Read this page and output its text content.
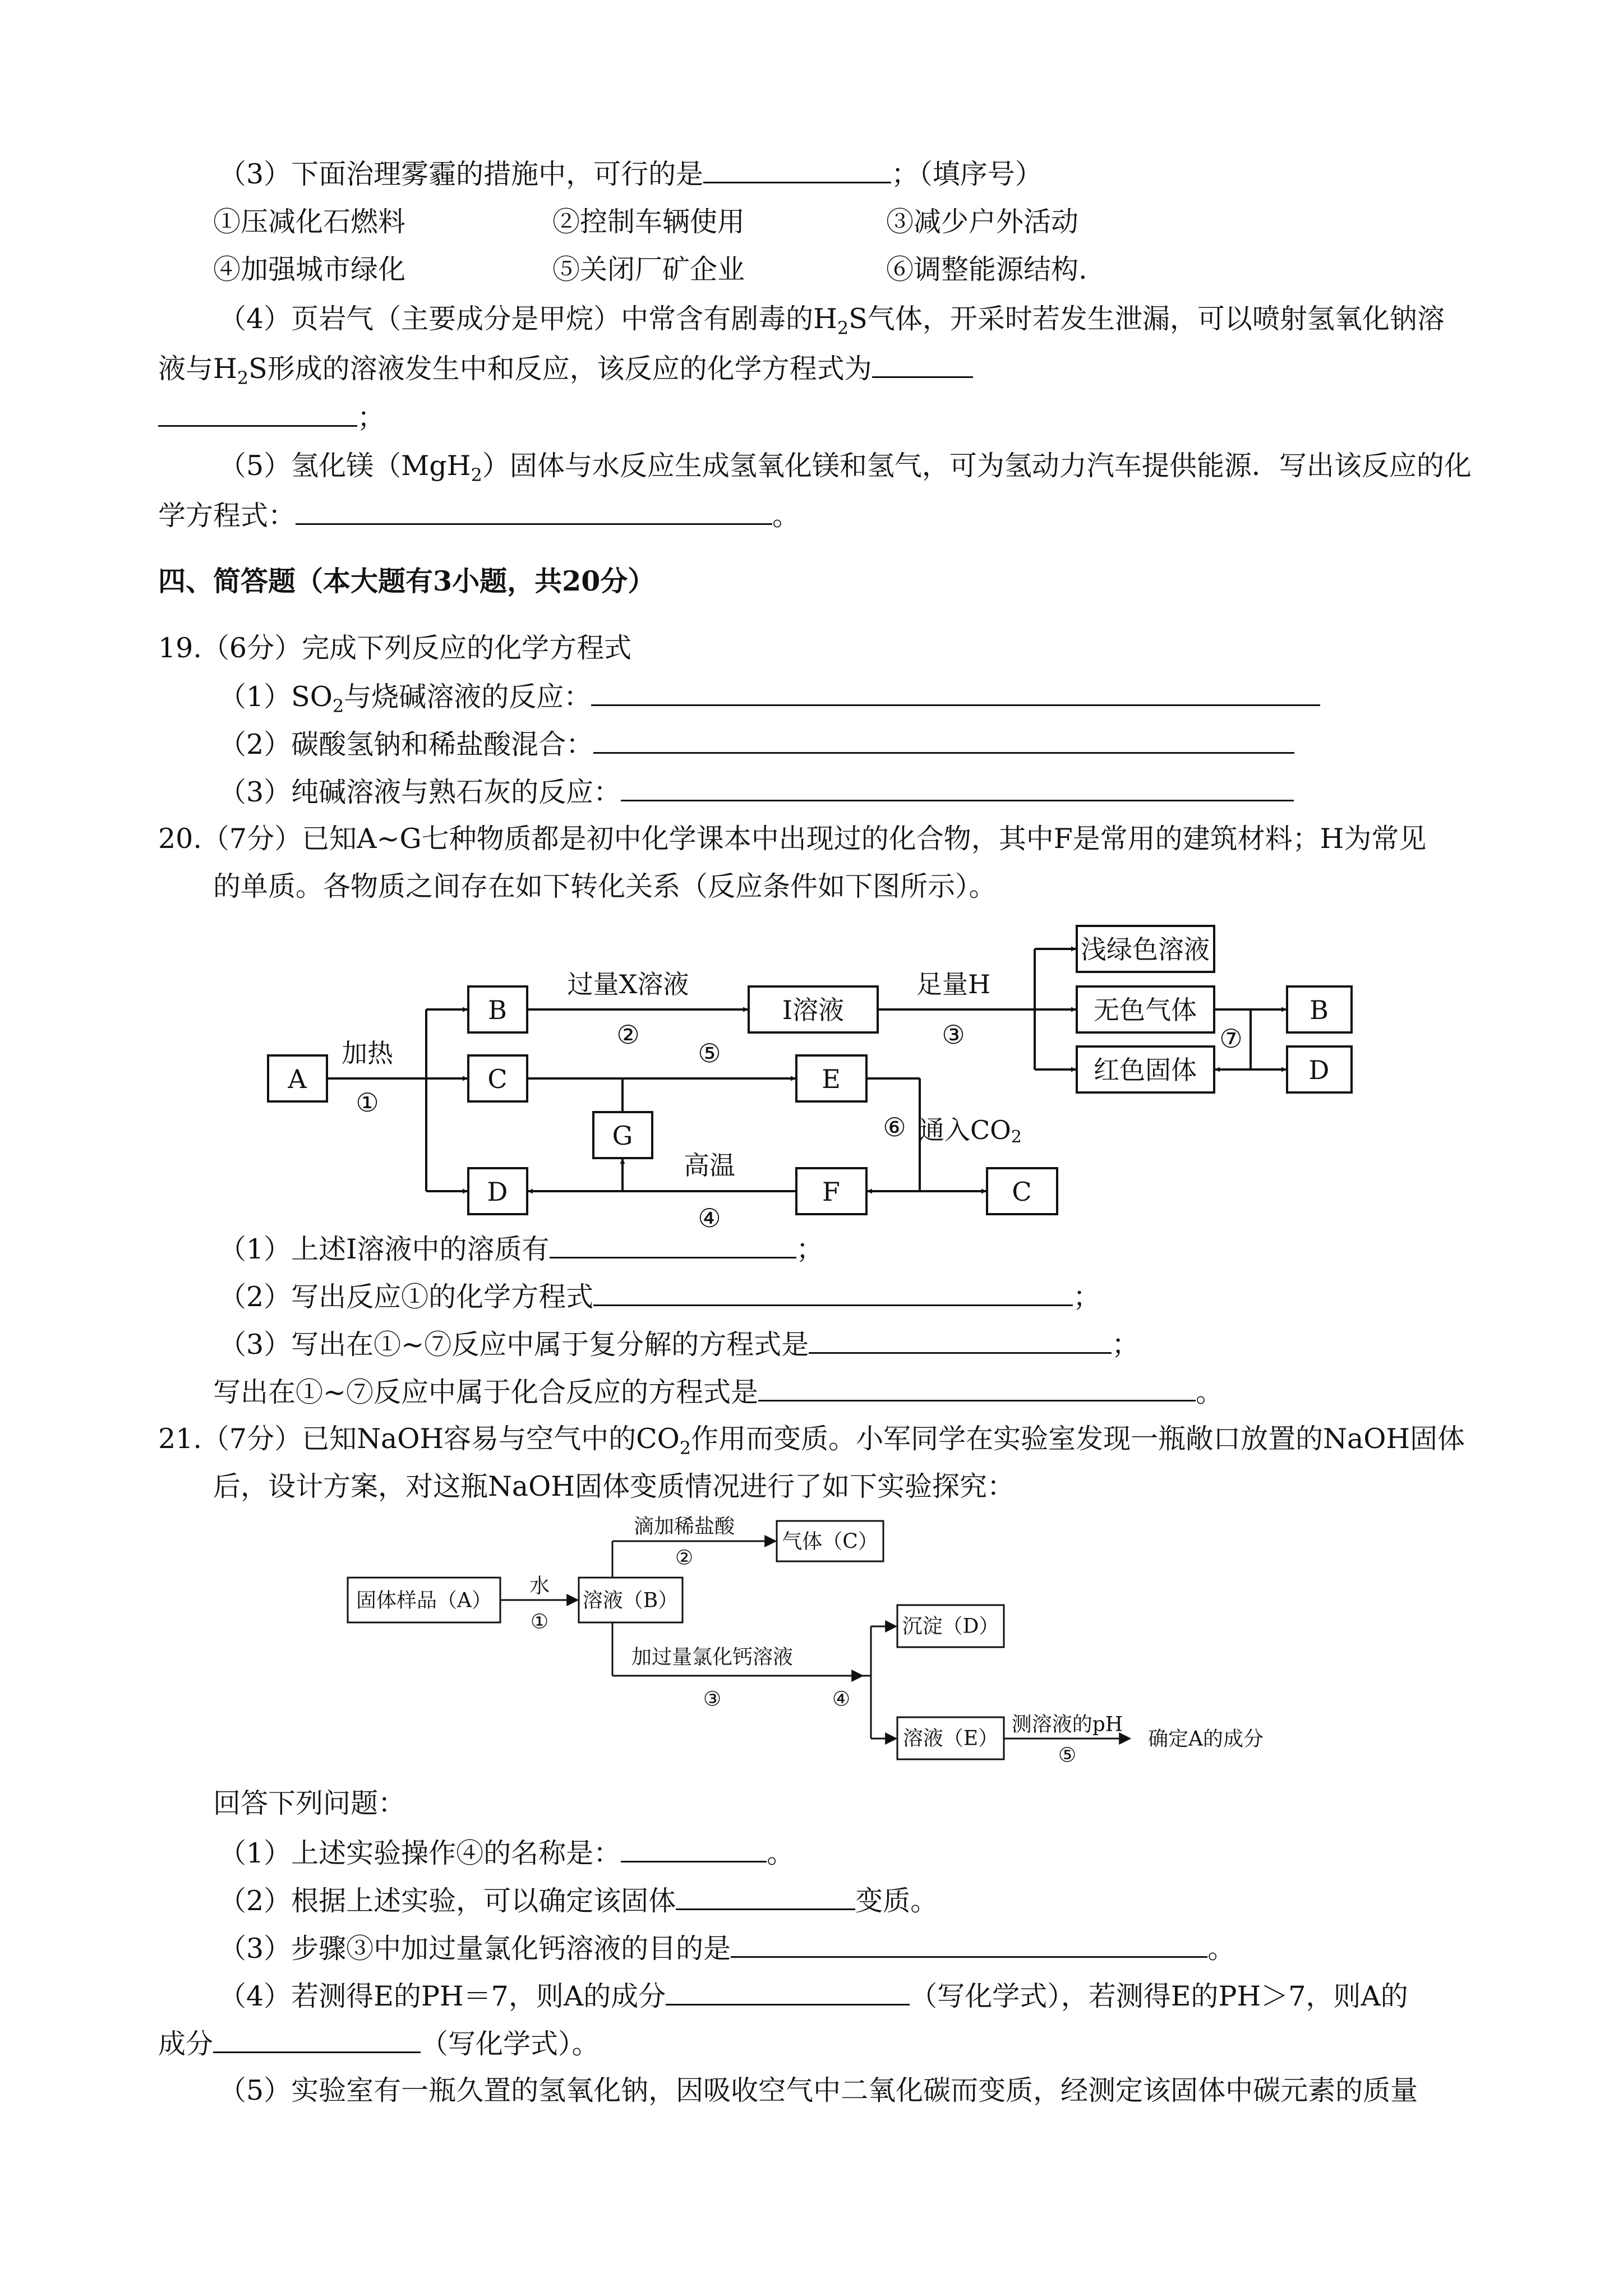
（3）下面治理雾霾的措施中，可行的是	；（填序号）
①压减化石燃料	②控制车辆使用	③减少户外活动
④加强城市绿化	⑤关闭厂矿企业	⑥调整能源结构.
（4）页岩气（主要成分是甲烷）中常含有剧毒的$H_2S$气体，开采时若发生泄漏，可以喷射氢氧化钠溶
液与$H_2S$形成的溶液发生中和反应，该反应的化学方程式为
；
（5）氢化镁（MgH$_2$）固体与水反应生成氢氧化镁和氢气，可为氢动力汽车提供能源．写出该反应的化
学方程式：	。
四、简答题（本大题有3小题，共20分）
19.（6分）完成下列反应的化学方程式
$(1)SO_2$与烧碱溶液的反应：
（2）碳酸氢钠和稀盐酸混合：
（3）纯碱溶液与熟石灰的反应：
20.（7分）已知A~G七种物质都是初中化学课本中出现过的化合物，其中F是常用的建筑材料；H为常见
的单质。各物质之间存在如下转化关系（反应条件如下图所示）。
A
B
C
D
G
I溶液
E
F	C
浅绿色溶液
无色气体
红色固体
B
D
加热
①
过量X溶液
②
足量H
③
⑤
⑥
高温
④
⑦
通入$CO_2$
（1）上述I溶液中的溶质有	；
（2）写出反应①的化学方程式	；
（3）写出在①~⑦反应中属于复分解的方程式是	；
写出在①~⑦反应中属于化合反应的方程式是	。
21.（7分）已知NaOH容易与空气中的$CO_2$作用而变质。小军同学在实验室发现一瓶敞口放置的NaOH固体
后，设计方案，对这瓶NaOH固体变质情况进行了如下实验探究：
固体样品（A）	溶液（B）
气体（C）
沉淀（D）
溶液（E）
水
①
滴加稀盐酸
②
加过量氯化钙溶液
③	④
测溶液的pH
⑤
确定A的成分
回答下列问题：
（1）上述实验操作④的名称是：	。
（2）根据上述实验，可以确定该固体	变质。
（3）步骤③中加过量氯化钙溶液的目的是	。
（4）若测得E的PH＝7，则A的成分	（写化学式），若测得E的PH＞7，则A的
成分	（写化学式）。
（5）实验室有一瓶久置的氢氧化钠，因吸收空气中二氧化碳而变质，经测定该固体中碳元素的质量
